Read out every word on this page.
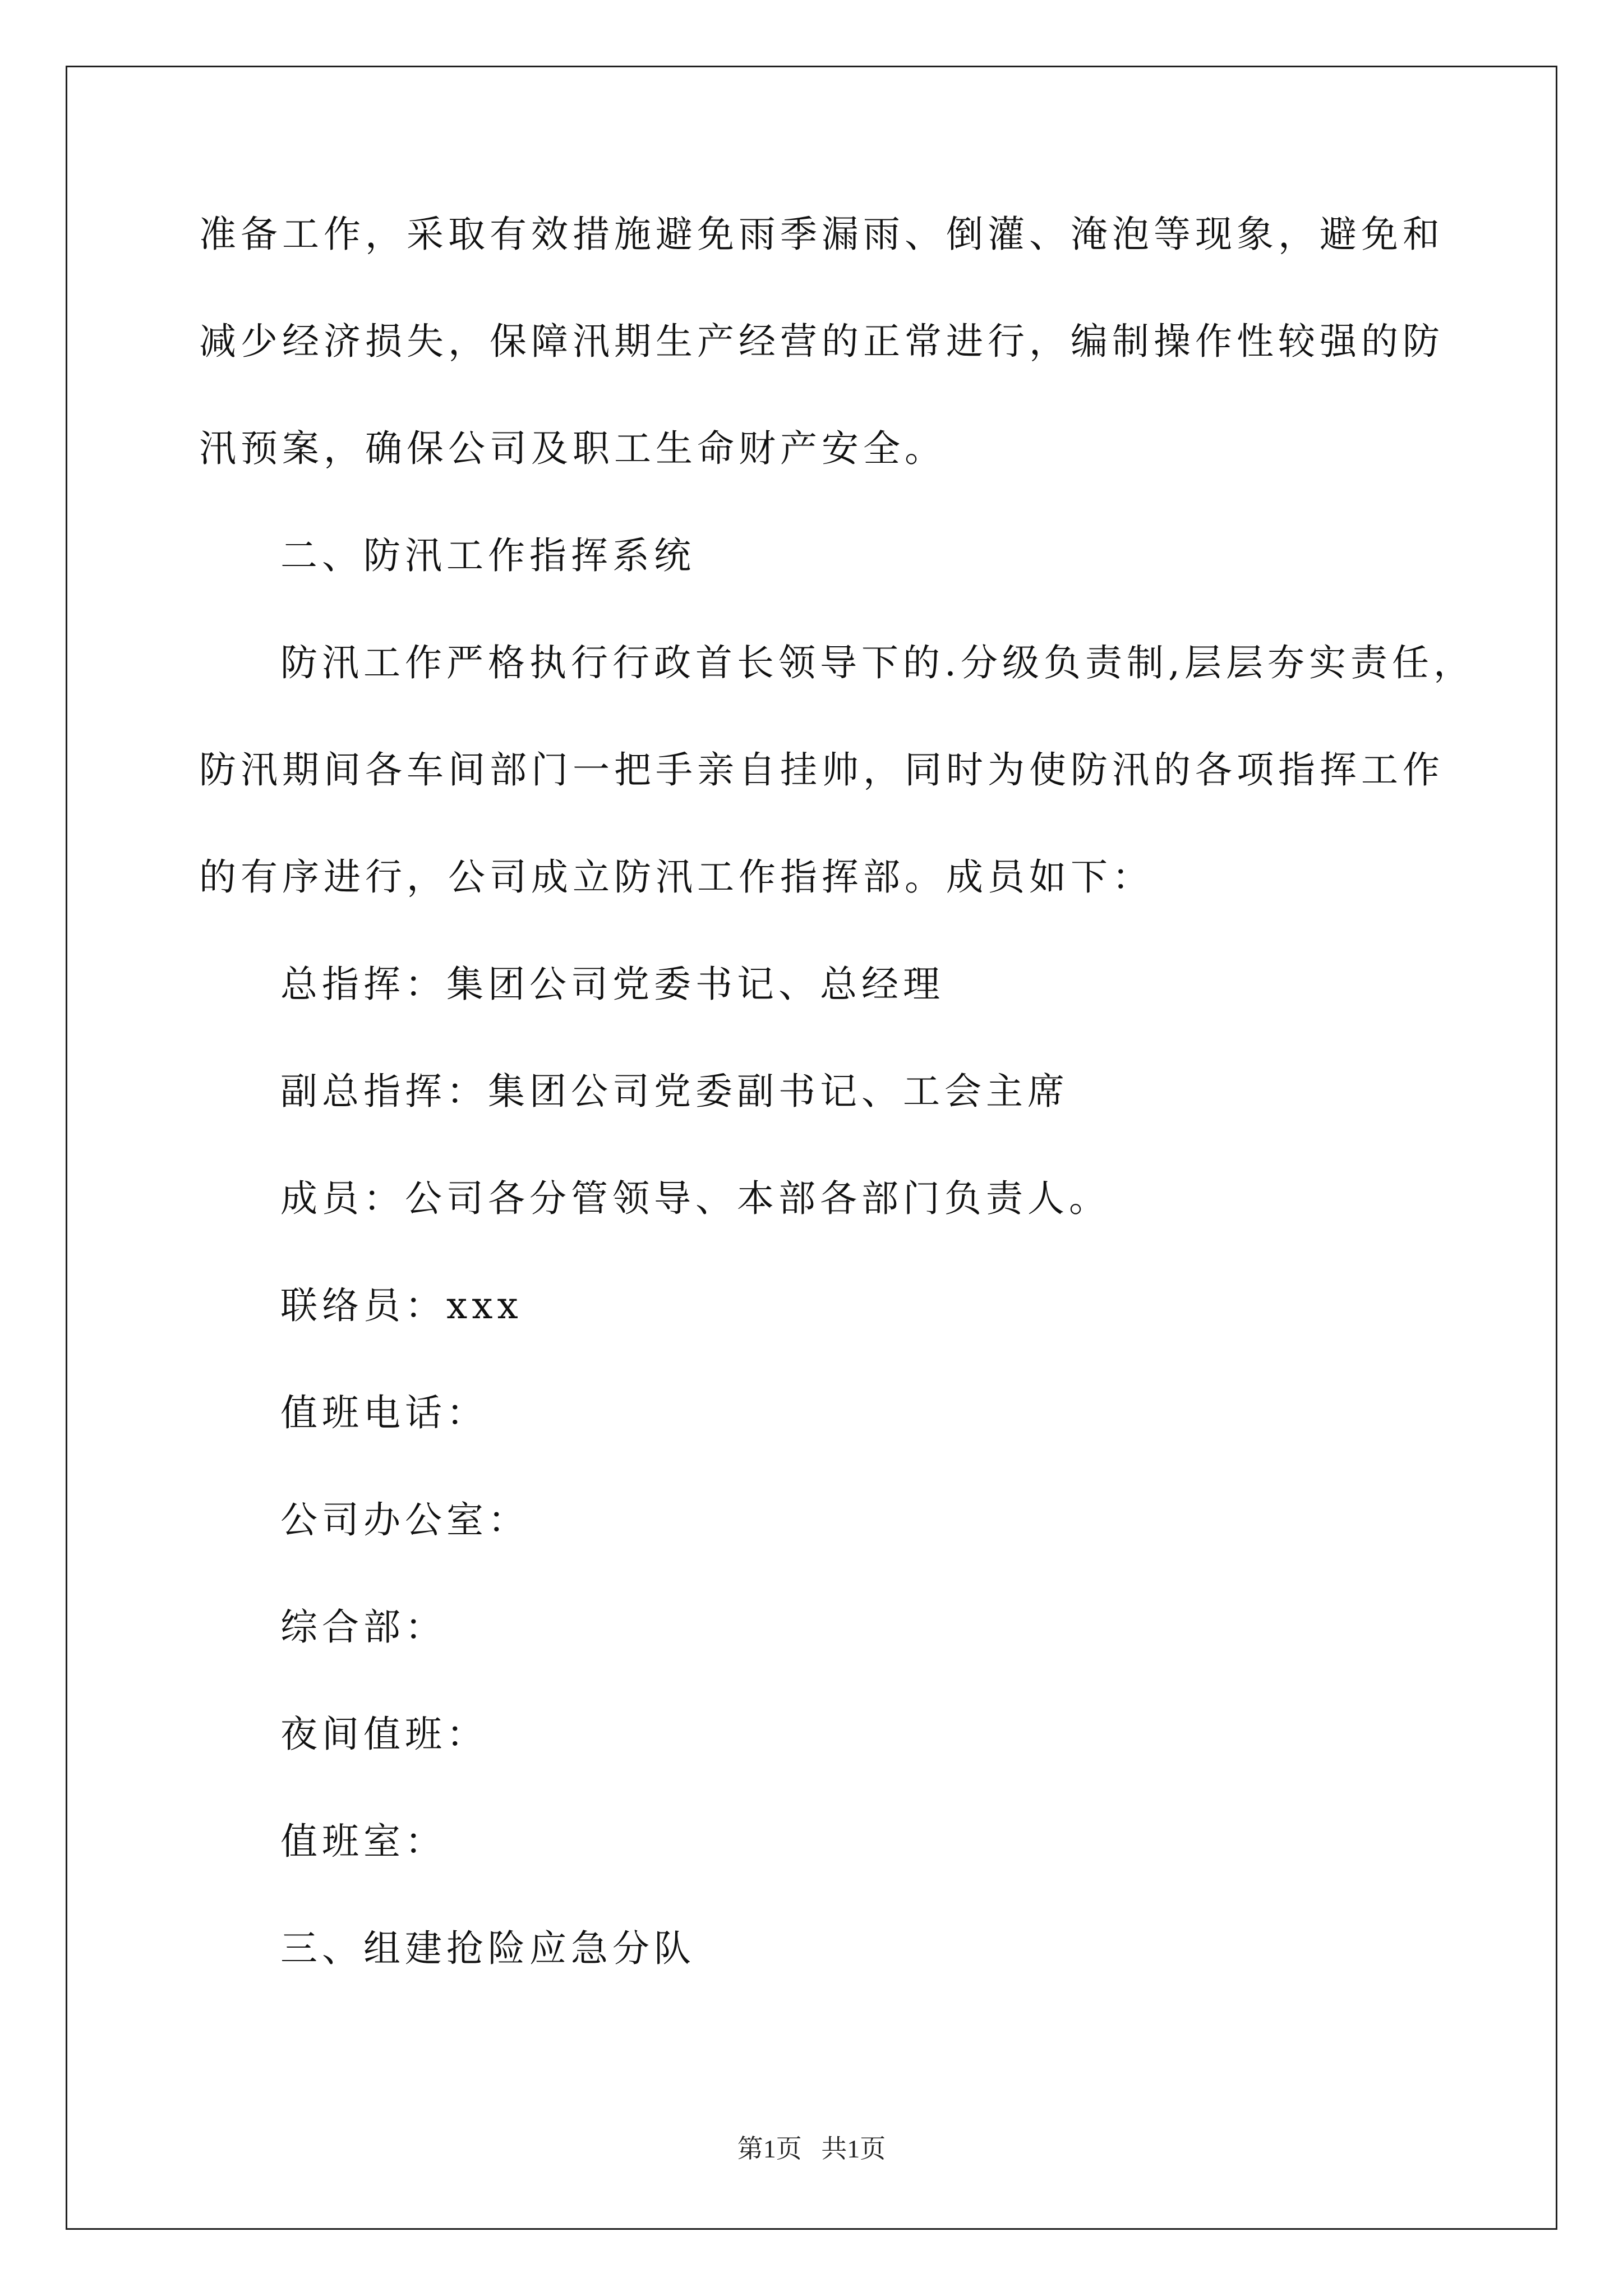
准备工作，采取有效措施避免雨季漏雨、倒灌、淹泡等现象，避免和
减少经济损失，保障汛期生产经营的正常进行，编制操作性较强的防
汛预案，确保公司及职工生命财产安全。
二、防汛工作指挥系统
防汛工作严格执行行政首长领导下的.分级负责制,层层夯实责任，
防汛期间各车间部门一把手亲自挂帅，同时为使防汛的各项指挥工作
的有序进行，公司成立防汛工作指挥部。成员如下：
总指挥：集团公司党委书记、总经理
副总指挥：集团公司党委副书记、工会主席
成员：公司各分管领导、本部各部门负责人。
联络员：xxx
值班电话：
公司办公室：
综合部：
夜间值班：
值班室：
三、组建抢险应急分队
第1页   共1页
